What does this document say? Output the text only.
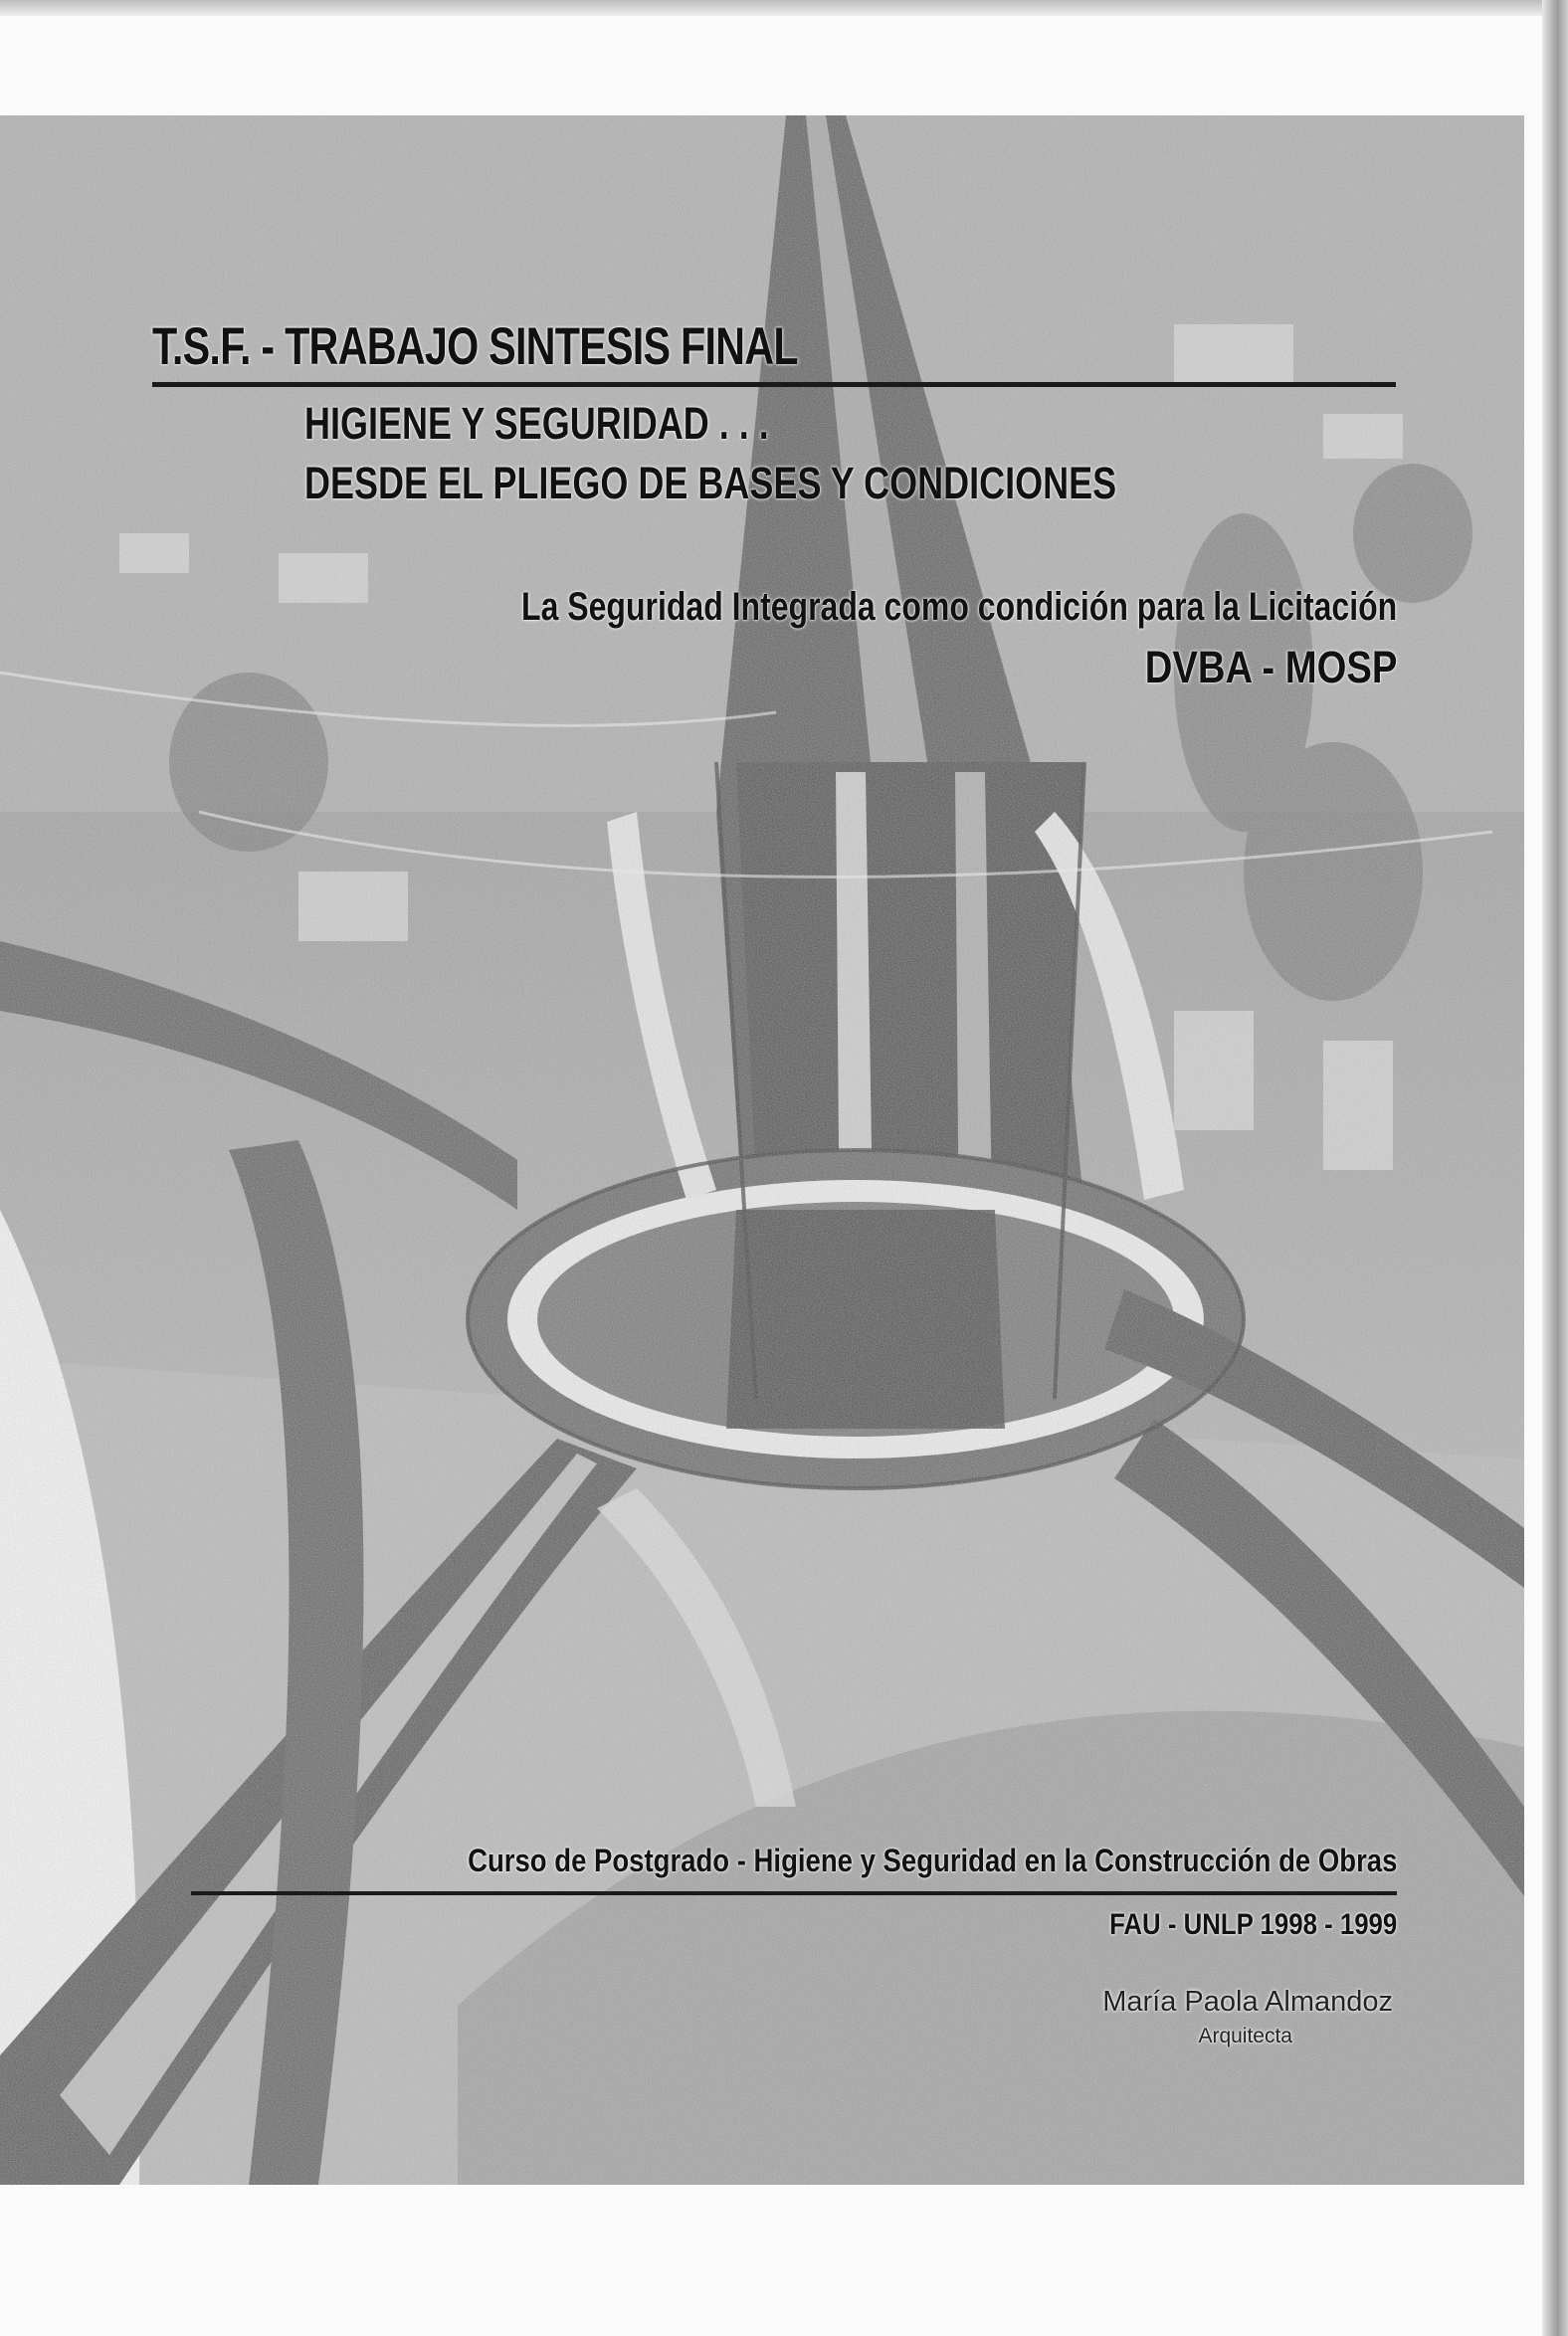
T.S.F. - TRABAJO SINTESIS FINAL
HIGIENE Y SEGURIDAD . . .
DESDE EL PLIEGO DE BASES Y CONDICIONES
La Seguridad Integrada como condición para la Licitación
DVBA - MOSP
Curso de Postgrado - Higiene y Seguridad en la Construcción de Obras
FAU - UNLP 1998 - 1999
María Paola Almandoz
Arquitecta
